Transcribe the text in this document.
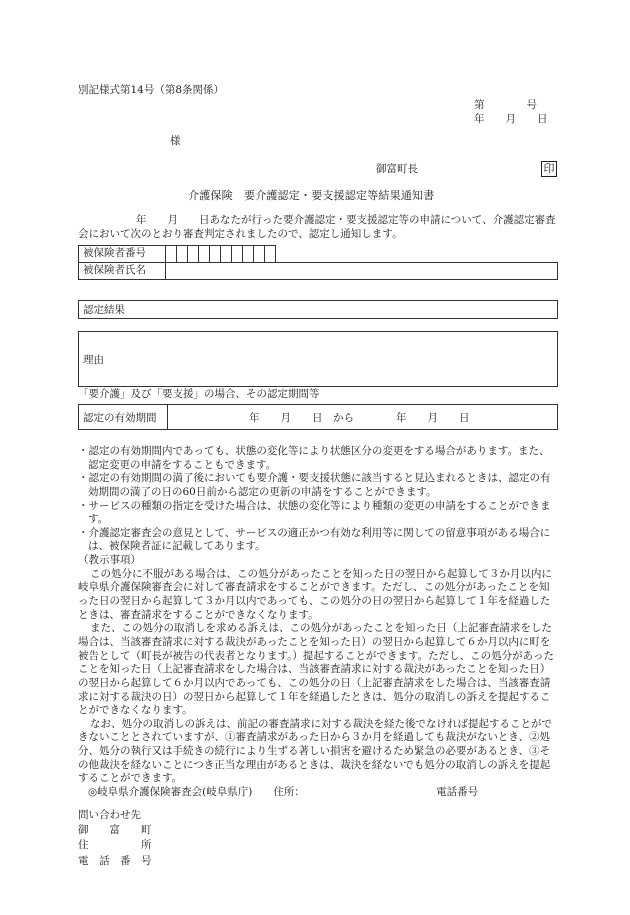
別記様式第14号（第8条関係）
第　　　　号
年　　月　　日
様
御富町長	印
介護保険　要介護認定・要支援認定等結果通知書
年　　月　　日あなたが行った要介護認定・要支援認定等の申請について、介護認定審査会において次のとおり審査判定されましたので、認定し通知します。
被保険者番号											
被保険者氏名											
認定結果
理由
「要介護」及び「要支援」の場合、その認定期間等
認定の有効期間	年　　月　　日　から　　　　年　　月　　日
・ 認定の有効期間内であっても、状態の変化等により状態区分の変更をする場合があります。また、認定変更の申請をすることもできます。
・ 認定の有効期間の満了後においても要介護・要支援状態に該当すると見込まれるときは、認定の有効期間の満了の日の60日前から認定の更新の申請をすることができます。
・ サービスの種類の指定を受けた場合は、状態の変化等により種類の変更の申請をすることができます。
・ 介護認定審査会の意見として、サービスの適正かつ有効な利用等に関しての留意事項がある場合には、被保険者証に記載してあります。

（教示事項）

この処分に不服がある場合は、この処分があったことを知った日の翌日から起算して３か月以内に岐阜県介護保険審査会に対して審査請求をすることができます。ただし、この処分があったことを知った日の翌日から起算して３か月以内であっても、この処分の日の翌日から起算して１年を経過したときは、審査請求をすることができなくなります。

また、この処分の取消しを求める訴えは、この処分があったことを知った日（上記審査請求をした場合は、当該審査請求に対する裁決があったことを知った日）の翌日から起算して６か月以内に町を被告として（町長が被告の代表者となります。）提起することができます。ただし、この処分があったことを知った日（上記審査請求をした場合は、当該審査請求に対する裁決があったことを知った日）の翌日から起算して６か月以内であっても、この処分の日（上記審査請求をした場合は、当該審査請求に対する裁決の日）の翌日から起算して１年を経過したときは、処分の取消しの訴えを提起することができなくなります。

なお、処分の取消しの訴えは、前記の審査請求に対する裁決を経た後でなければ提起することができないこととされていますが、①審査請求があった日から３か月を経過しても裁決がないとき、②処分、処分の執行又は手続きの続行により生ずる著しい損害を避けるため緊急の必要があるとき、③その他裁決を経ないことにつき正当な理由があるときは、裁決を経ないでも処分の取消しの訴えを提起することができます。

◎岐阜県介護保険審査会(岐阜県庁)　　住所：　　　　　　　　　　　　　電話番号

問い合わせ先
御　　富　　町
住　　　　　所
電　話　番　号
